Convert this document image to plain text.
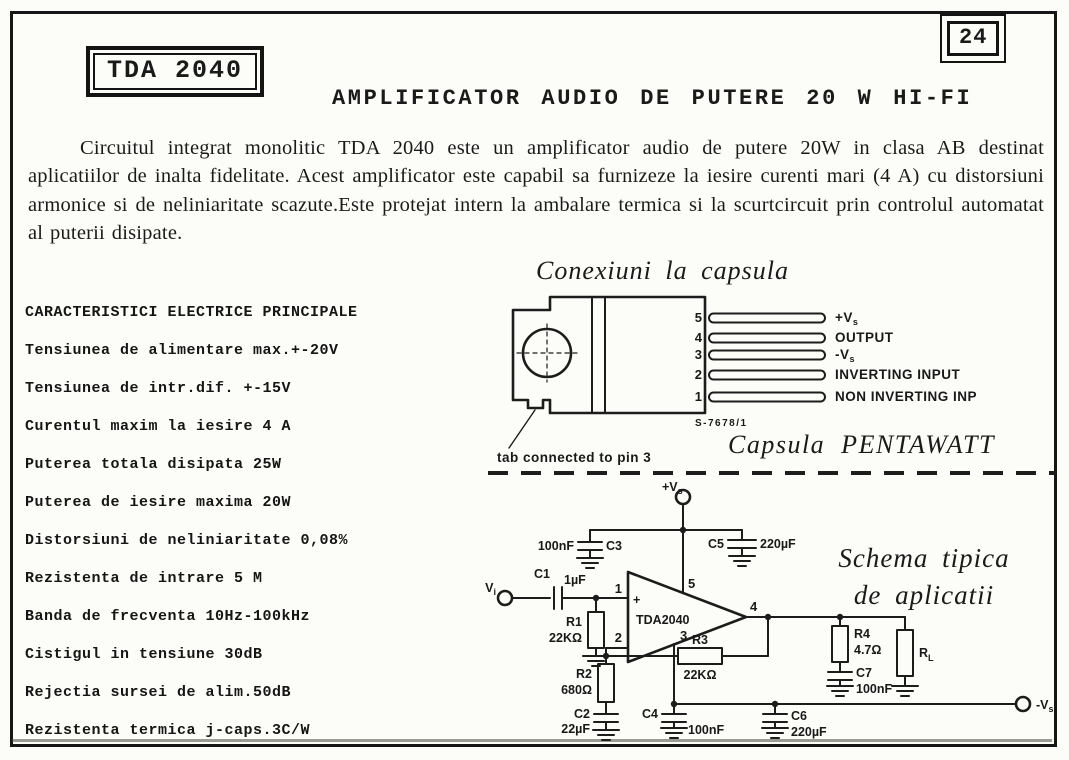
TDA 2040
24
AMPLIFICATOR AUDIO DE PUTERE 20 W HI-FI

Circuitul integrat monolitic TDA 2040 este un amplificator audio de putere 20W in clasa AB destinat aplicatiilor de inalta fidelitate. Acest amplificator este capabil sa furnizeze la iesire curenti mari (4 A) cu distorsiuni armonice si de neliniaritate scazute.Este protejat intern la ambalare termica si la scurtcircuit prin controlul automatat al puterii disipate.

CARACTERISTICI ELECTRICE PRINCIPALE
Tensiunea de alimentare max.+-20V
Tensiunea de intr.dif. +-15V
Curentul maxim la iesire 4 A
Puterea totala disipata 25W
Puterea de iesire maxima 20W
Distorsiuni de neliniaritate 0,08%
Rezistenta de intrare 5 M
Banda de frecventa 10Hz-100kHz
Cistigul in tensiune 30dB
Rejectia sursei de alim.50dB
Rezistenta termica j-caps.3C/W
Conexiuni la capsula
5	$+V_s$
4	OUTPUT
3	$-V_s$
2	INVERTING INPUT
1	NON INVERTING INP
S-7678/1
tab connected to pin 3	Capsula PENTAWATT
Schema tipica
de aplicatii
$V_i$
C1 1µF
R1
22KΩ
$+V_s$
100nF	C3	C5	220µF
TDA2040
+
1
2
5
3
4
R3
22KΩ
R2
680Ω
C2
22µF
R4
4.7Ω
C7
100nF
$R_L$
$-V_s$
C4
100nF
C6
220µF
